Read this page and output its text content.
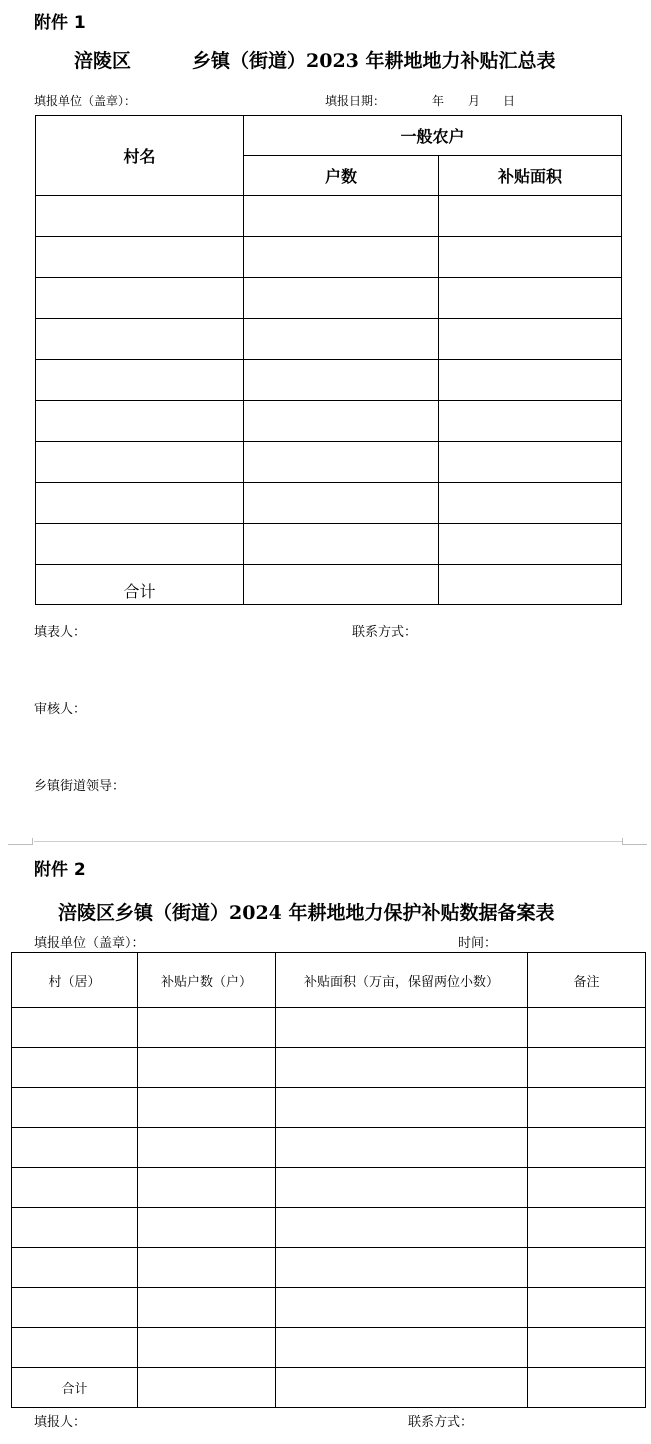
附件 1
涪陵区	乡镇（街道）2023 年耕地地力补贴汇总表
填报单位（盖章）：	填报日期：	年 月 日
村名	一般农户	
	户数	补贴面积

合计		
填表人：	联系方式：
审核人：
乡镇街道领导：
附件 2
涪陵区乡镇（街道）2024 年耕地地力保护补贴数据备案表
填报单位（盖章）：	时间：
村（居）	补贴户数（户）	补贴面积（万亩，保留两位小数）	备注

合计			
填报人：	联系方式：
